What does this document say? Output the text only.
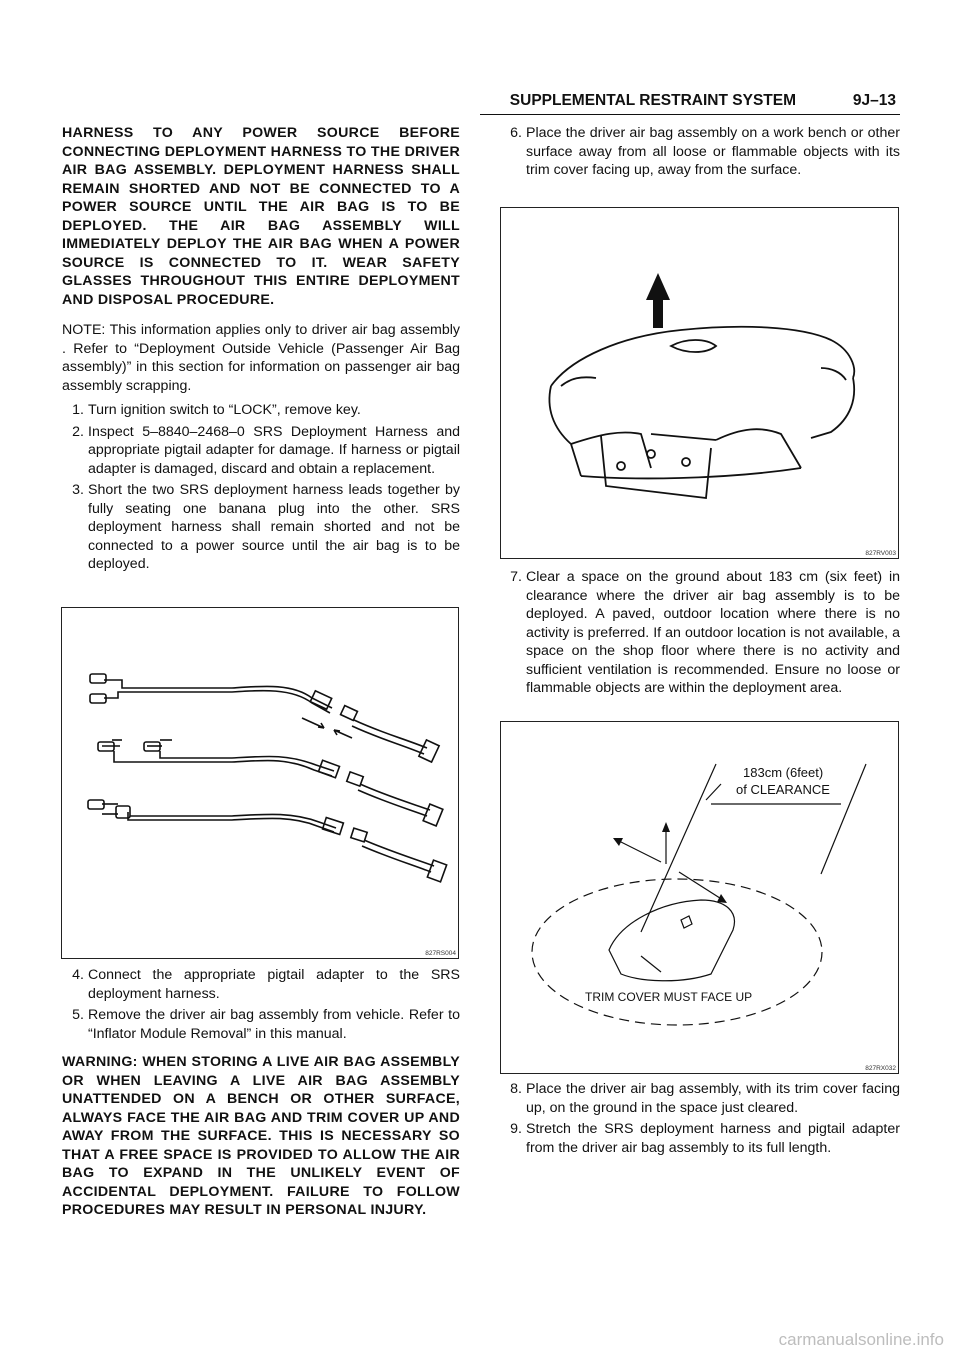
SUPPLEMENTAL RESTRAINT SYSTEM	9J–13

HARNESS TO ANY POWER SOURCE BEFORE CONNECTING DEPLOYMENT HARNESS TO THE DRIVER AIR BAG ASSEMBLY. DEPLOYMENT HARNESS SHALL REMAIN SHORTED AND NOT BE CONNECTED TO A POWER SOURCE UNTIL THE AIR BAG IS TO BE DEPLOYED. THE AIR BAG ASSEMBLY WILL IMMEDIATELY DEPLOY THE AIR BAG WHEN A POWER SOURCE IS CONNECTED TO IT. WEAR SAFETY GLASSES THROUGHOUT THIS ENTIRE DEPLOYMENT AND DISPOSAL PROCEDURE.

NOTE: This information applies only to driver air bag assembly . Refer to “Deployment Outside Vehicle (Passenger Air Bag assembly)” in this section for information on passenger air bag assembly scrapping.

1. Turn ignition switch to “LOCK”, remove key.

2. Inspect 5–8840–2468–0 SRS Deployment Harness and appropriate pigtail adapter for damage. If harness or pigtail adapter is damaged, discard and obtain a replacement.

3. Short the two SRS deployment harness leads together by fully seating one banana plug into the other. SRS deployment harness shall remain shorted and not be connected to a power source until the air bag is to be deployed.

827RS004

4. Connect the appropriate pigtail adapter to the SRS deployment harness.

5. Remove the driver air bag assembly from vehicle. Refer to “Inflator Module Removal” in this manual.

WARNING: WHEN STORING A LIVE AIR BAG ASSEMBLY OR WHEN LEAVING A LIVE AIR BAG ASSEMBLY UNATTENDED ON A BENCH OR OTHER SURFACE, ALWAYS FACE THE AIR BAG AND TRIM COVER UP AND AWAY FROM THE SURFACE. THIS IS NECESSARY SO THAT A FREE SPACE IS PROVIDED TO ALLOW THE AIR BAG TO EXPAND IN THE UNLIKELY EVENT OF ACCIDENTAL DEPLOYMENT. FAILURE TO FOLLOW PROCEDURES MAY RESULT IN PERSONAL INJURY.

6. Place the driver air bag assembly on a work bench or other surface away from all loose or flammable objects with its trim cover facing up, away from the surface.

827RV003

7. Clear a space on the ground about 183 cm (six feet) in clearance where the driver air bag assembly is to be deployed. A paved, outdoor location where there is no activity is preferred. If an outdoor location is not available, a space on the shop floor where there is no activity and sufficient ventilation is recommended. Ensure no loose or flammable objects are within the deployment area.

183cm (6feet)
of CLEARANCE
TRIM COVER MUST FACE UP
827RX032

8. Place the driver air bag assembly, with its trim cover facing up, on the ground in the space just cleared.

9. Stretch the SRS deployment harness and pigtail adapter from the driver air bag assembly to its full length.

carmanualsonline.info
